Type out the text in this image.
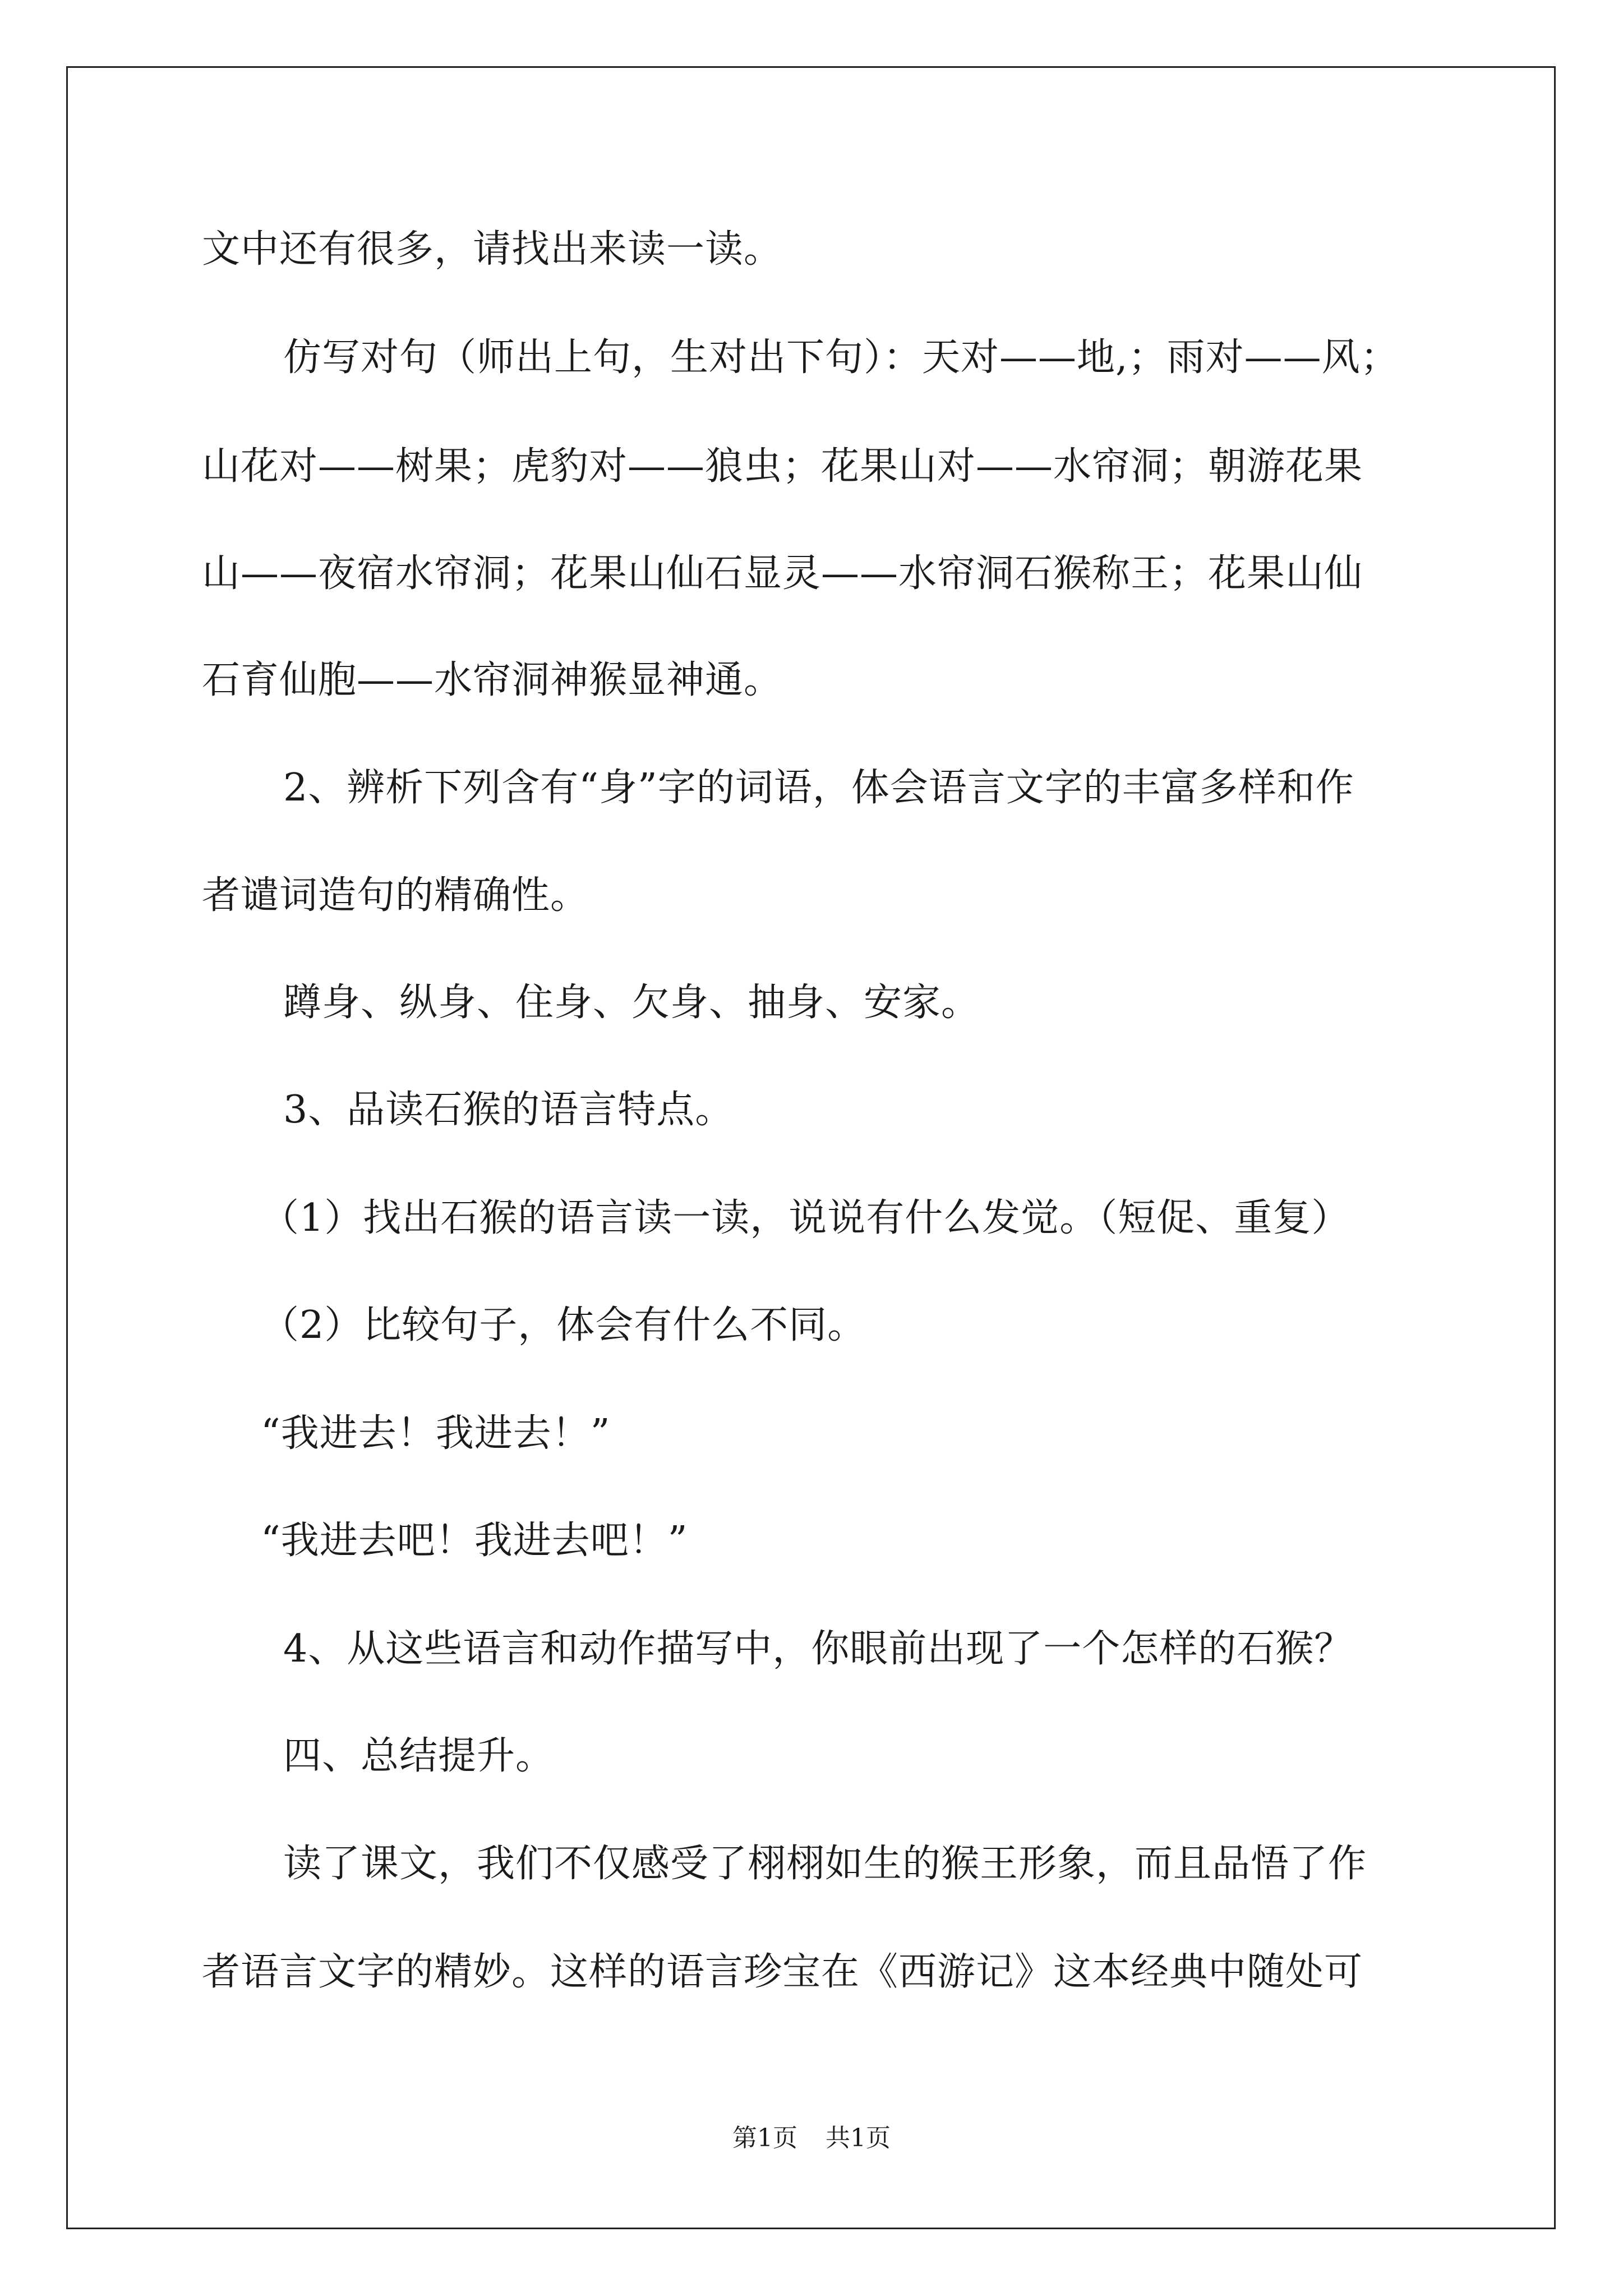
文中还有很多，请找出来读一读。
仿写对句（师出上句，生对出下句）：天对——地,；雨对——风；
山花对——树果；虎豹对——狼虫；花果山对——水帘洞；朝游花果
山——夜宿水帘洞；花果山仙石显灵——水帘洞石猴称王；花果山仙
石育仙胞——水帘洞神猴显神通。
2、辨析下列含有“身”字的词语，体会语言文字的丰富多样和作
者谴词造句的精确性。
蹲身、纵身、住身、欠身、抽身、安家。
3、品读石猴的语言特点。
（1）找出石猴的语言读一读，说说有什么发觉。（短促、重复）
（2）比较句子，体会有什么不同。
“我进去！我进去！”
“我进去吧！我进去吧！”
4、从这些语言和动作描写中，你眼前出现了一个怎样的石猴？
四、总结提升。
读了课文，我们不仅感受了栩栩如生的猴王形象，而且品悟了作
者语言文字的精妙。这样的语言珍宝在《西游记》这本经典中随处可
第1页 共1页
